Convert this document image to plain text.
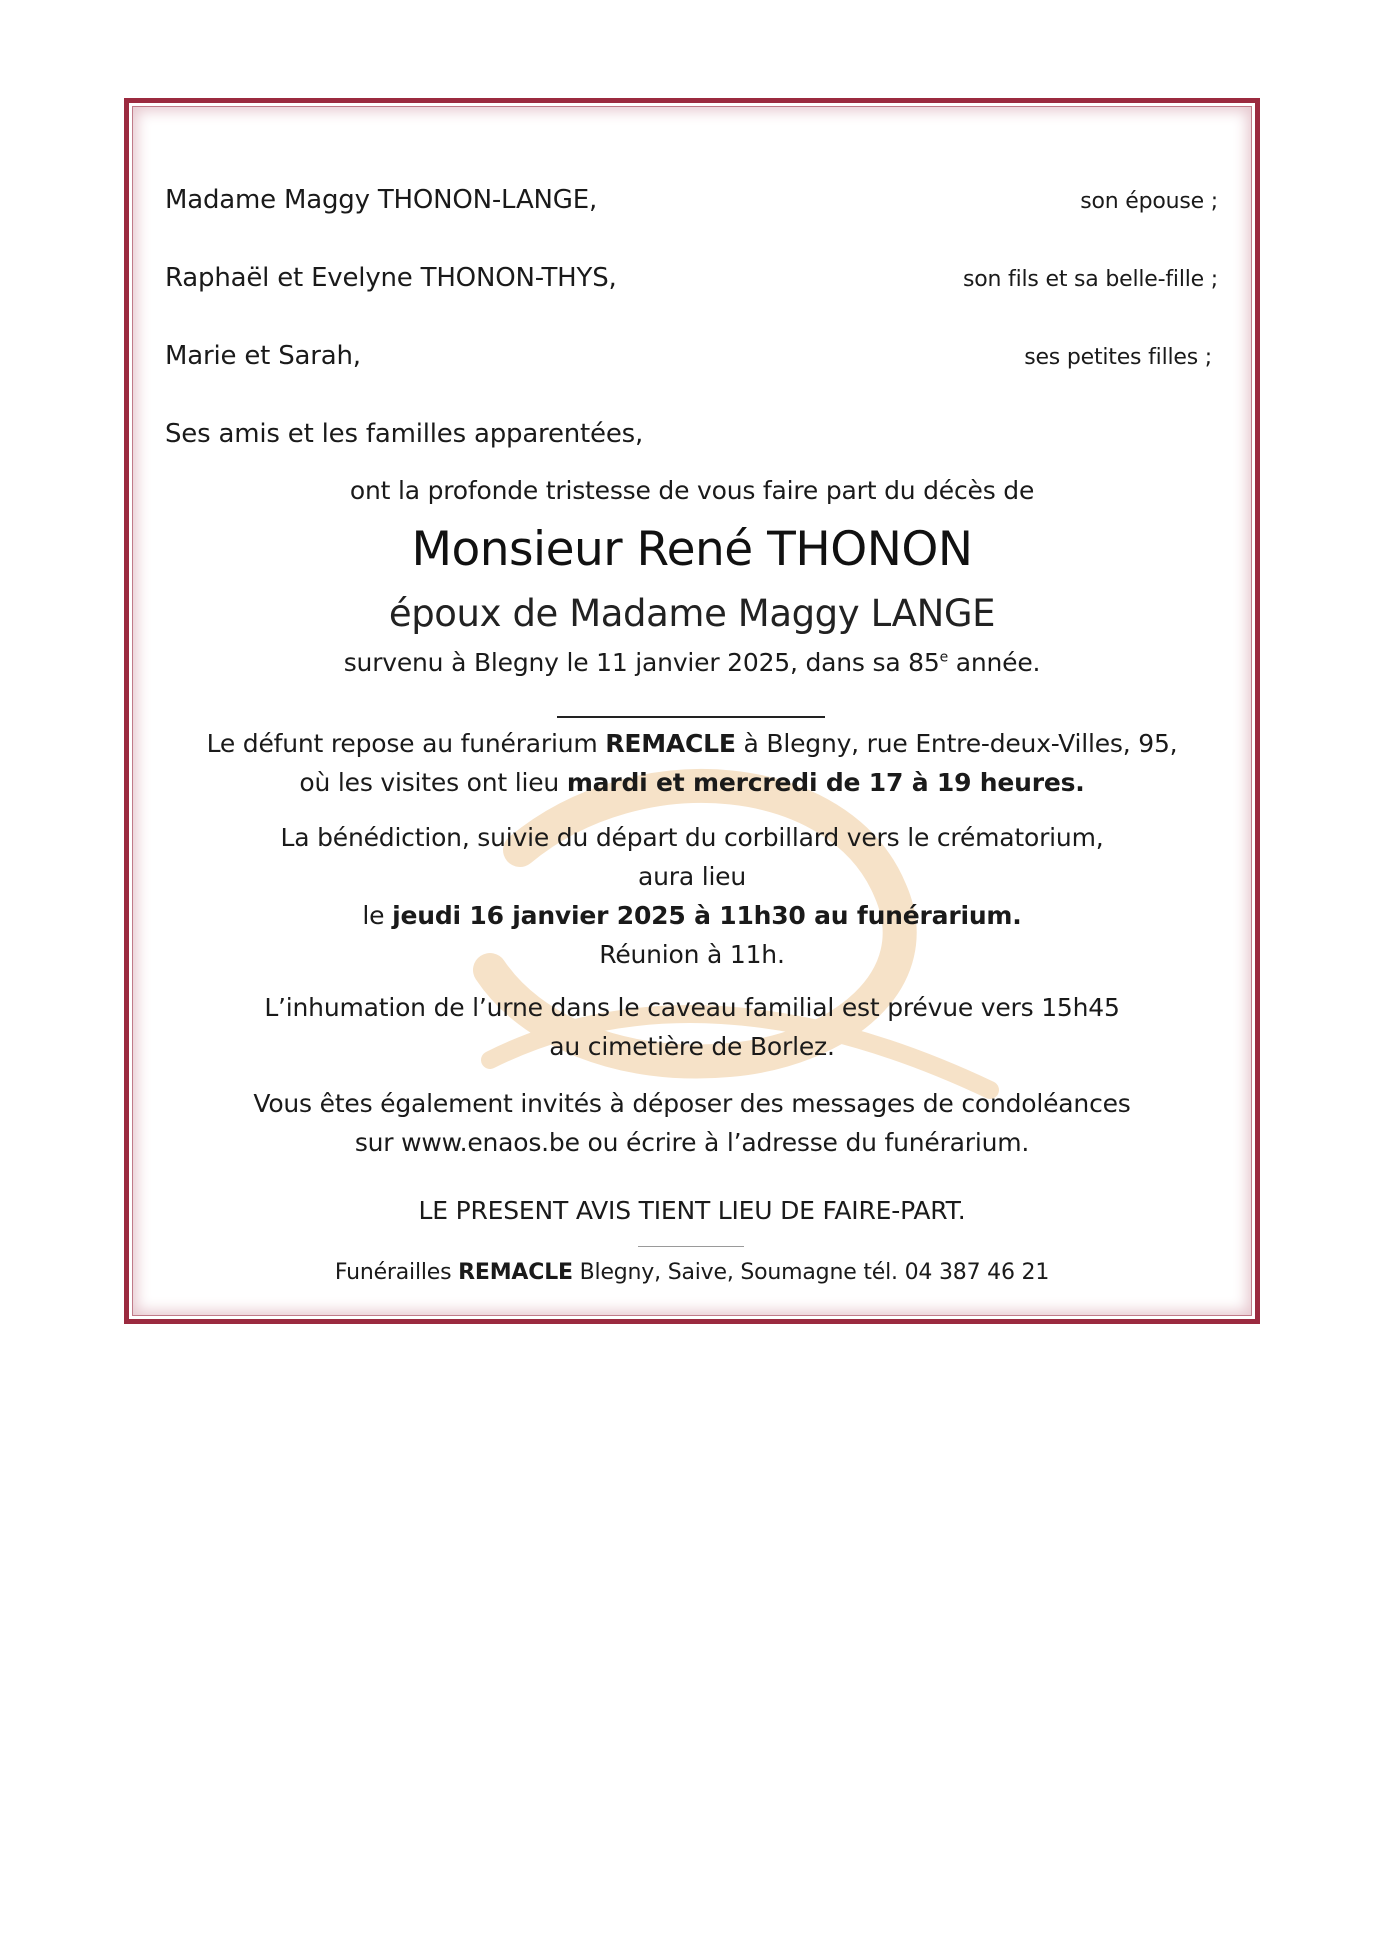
Madame Maggy THONON-LANGE,	son épouse ;
Raphaël et Evelyne THONON-THYS,	son fils et sa belle-fille ;
Marie et Sarah,	ses petites filles ;
Ses amis et les familles apparentées,
ont la profonde tristesse de vous faire part du décès de
Monsieur René THONON
époux de Madame Maggy LANGE
survenu à Blegny le 11 janvier 2025, dans sa 85e année.
Le défunt repose au funérarium REMACLE à Blegny, rue Entre-deux-Villes, 95,
où les visites ont lieu mardi et mercredi de 17 à 19 heures.
La bénédiction, suivie du départ du corbillard vers le crématorium,
aura lieu
le jeudi 16 janvier 2025 à 11h30 au funérarium.
Réunion à 11h.
L’inhumation de l’urne dans le caveau familial est prévue vers 15h45
au cimetière de Borlez.
Vous êtes également invités à déposer des messages de condoléances
sur www.enaos.be ou écrire à l’adresse du funérarium.
LE PRESENT AVIS TIENT LIEU DE FAIRE-PART.
Funérailles REMACLE Blegny, Saive, Soumagne tél. 04 387 46 21
